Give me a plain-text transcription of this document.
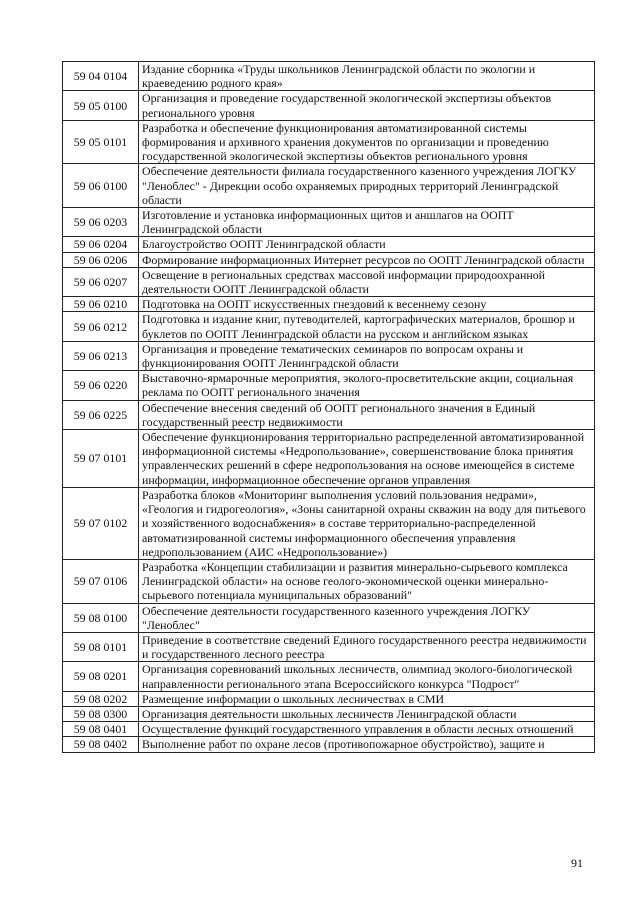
59 04 0104	Издание сборника «Труды школьников Ленинградской области по экологии и краеведению родного края»
59 05 0100	Организация и проведение государственной экологической экспертизы объектов регионального уровня
59 05 0101	Разработка и обеспечение функционирования автоматизированной системы формирования и архивного хранения документов по организации и проведению государственной экологической экспертизы объектов регионального уровня
59 06 0100	Обеспечение деятельности филиала государственного казенного учреждения ЛОГКУ "Леноблес" - Дирекции особо охраняемых природных территорий Ленинградской области
59 06 0203	Изготовление и установка информационных щитов и аншлагов на ООПТ Ленинградской области
59 06 0204	Благоустройство ООПТ Ленинградской области
59 06 0206	Формирование информационных Интернет ресурсов по ООПТ Ленинградской области
59 06 0207	Освещение в региональных средствах массовой информации природоохранной деятельности ООПТ Ленинградской области
59 06 0210	Подготовка на ООПТ искусственных гнездовий к весеннему сезону
59 06 0212	Подготовка и издание книг, путеводителей, картографических материалов, брошюр и буклетов по ООПТ Ленинградской области на русском и английском языках
59 06 0213	Организация и проведение тематических семинаров по вопросам охраны и функционирования ООПТ Ленинградской области
59 06 0220	Выставочно-ярмарочные мероприятия, эколого-просветительские акции, социальная реклама по ООПТ регионального значения
59 06 0225	Обеспечение внесения сведений об ООПТ регионального значения в Единый государственный реестр недвижимости
59 07 0101	Обеспечение функционирования территориально распределенной автоматизированной информационной системы «Недропользование», совершенствование блока принятия управленческих решений в сфере недропользования на основе имеющейся в системе информации, информационное обеспечение органов управления
59 07 0102	Разработка блоков «Мониторинг выполнения условий пользования недрами», «Геология и гидрогеология», «Зоны санитарной охраны скважин на воду для питьевого и хозяйственного водоснабжения» в составе территориально-распределенной автоматизированной системы информационного обеспечения управления недропользованием (АИС «Недропользование»)
59 07 0106	Разработка «Концепции стабилизации и развития минерально-сырьевого комплекса Ленинградской области» на основе геолого-экономической оценки минерально-сырьевого потенциала муниципальных образований"
59 08 0100	Обеспечение деятельности государственного казенного учреждения ЛОГКУ "Леноблес"
59 08 0101	Приведение в соответствие сведений Единого государственного реестра недвижимости и государственного лесного реестра
59 08 0201	Организация соревнований школьных лесничеств, олимпиад эколого-биологической направленности регионального этапа Всероссийского конкурса "Подрост"
59 08 0202	Размещение информации о школьных лесничествах в СМИ
59 08 0300	Организация деятельности школьных лесничеств Ленинградской области
59 08 0401	Осуществление функций государственного управления в области лесных отношений
59 08 0402	Выполнение работ по охране лесов (противопожарное обустройство), защите и
91
